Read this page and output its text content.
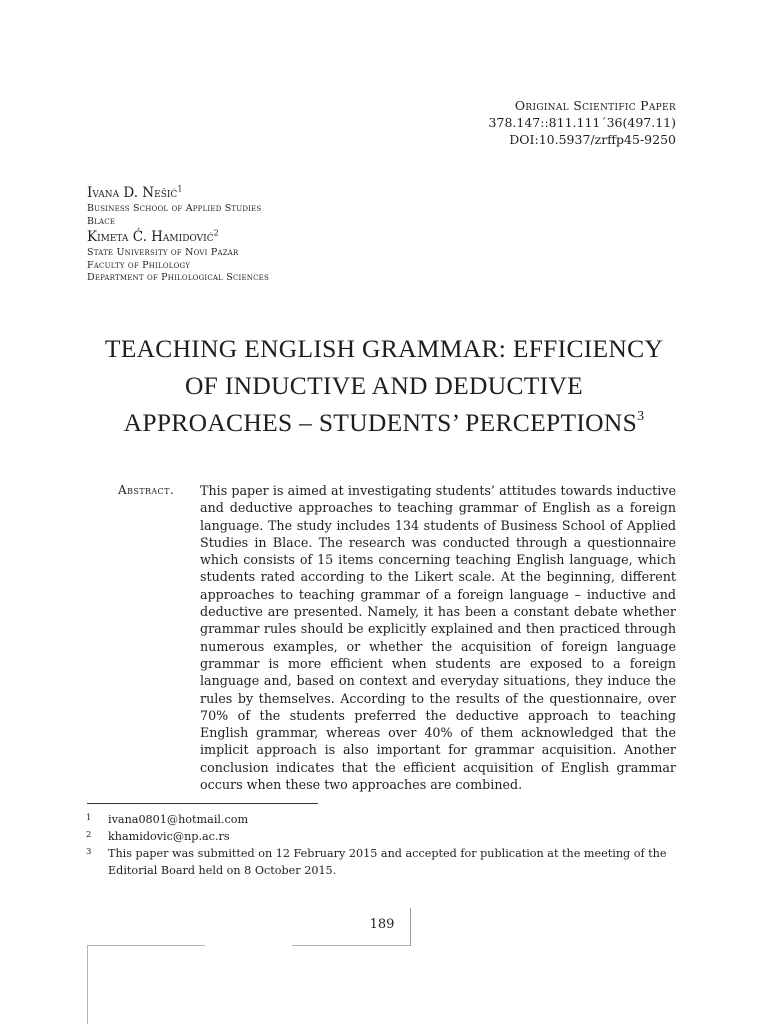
Original Scientific Paper
378.147::811.111´36(497.11)
DOI:10.5937/zrffp45-9250
Ivana D. Nešić$^1$
Business School of Applied Studies
Blace
Kimeta Ć. Hamidović$^2$
State University of Novi Pazar
Faculty of Philology
Department of Philological Sciences
TEACHING ENGLISH GRAMMAR: EFFICIENCY
OF INDUCTIVE AND DEDUCTIVE
APPROACHES – STUDENTS’ PERCEPTIONS$^3$
Abstract. This paper is aimed at investigating students’ attitudes towards inductive and deductive approaches to teaching grammar of English as a foreign language. The study includes 134 students of Business School of Applied Studies in Blace. The research was conducted through a questionnaire which consists of 15 items concerning teaching English language, which students rated according to the Likert scale. At the beginning, different approaches to teaching grammar of a foreign language – inductive and deductive are presented. Namely, it has been a constant debate whether grammar rules should be explicitly explained and then practiced through numerous examples, or whether the acquisition of foreign language grammar is more efficient when students are exposed to a foreign language and, based on context and everyday situations, they induce the rules by themselves. According to the results of the questionnaire, over 70% of the students preferred the deductive approach to teaching English grammar, whereas over 40% of them acknowledged that the implicit approach is also important for grammar acquisition. Another conclusion indicates that the efficient acquisition of English grammar occurs when these two approaches are combined.
1 ivana0801@hotmail.com
2 khamidovic@np.ac.rs
3 This paper was submitted on 12 February 2015 and accepted for publication at the meeting of the Editorial Board held on 8 October 2015.
189
